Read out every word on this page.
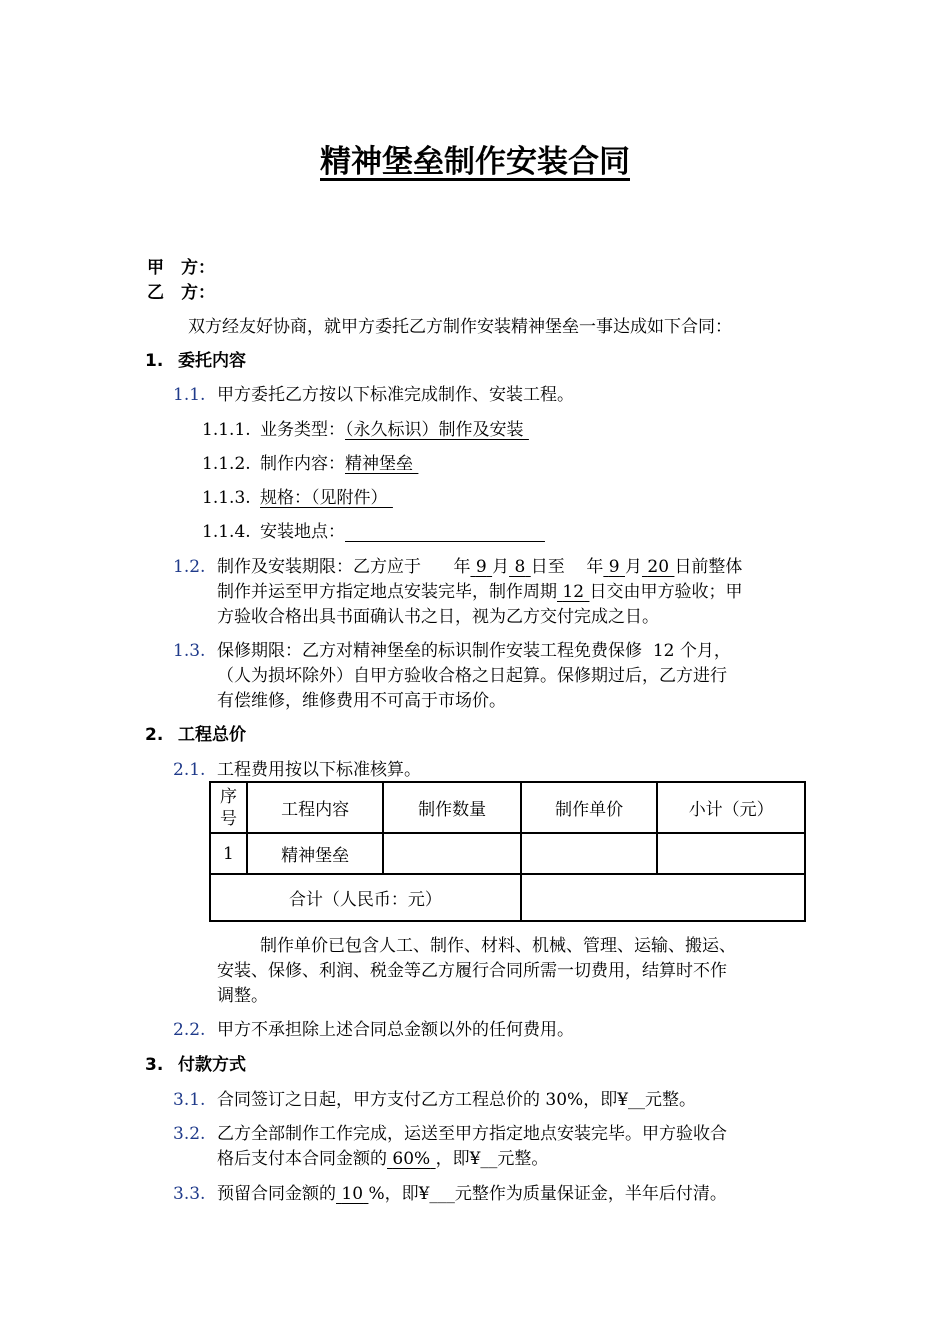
精神堡垒制作安装合同
甲　方：
乙　方：
双方经友好协商，就甲方委托乙方制作安装精神堡垒一事达成如下合同：
1. 委托内容
1.1. 甲方委托乙方按以下标准完成制作、安装工程。
1.1.1. 业务类型：（永久标识）制作及安装
1.1.2. 制作内容：精神堡垒
1.1.3. 规格：（见附件）
1.1.4. 安装地点：
1.2. 制作及安装期限：乙方应于 年 9 月 8 日至 年 9 月 20 日前整体
制作并运至甲方指定地点安装完毕，制作周期 12 日交由甲方验收；甲
方验收合格出具书面确认书之日，视为乙方交付完成之日。
1.3. 保修期限：乙方对精神堡垒的标识制作安装工程免费保修 12 个月，
（人为损坏除外）自甲方验收合格之日起算。保修期过后，乙方进行
有偿维修，维修费用不可高于市场价。
2. 工程总价
2.1. 工程费用按以下标准核算。
序号	工程内容	制作数量	制作单价	小计（元）
1	精神堡垒			
合计（人民币：元）				
制作单价已包含人工、制作、材料、机械、管理、运输、搬运、
安装、保修、利润、税金等乙方履行合同所需一切费用，结算时不作
调整。
2.2. 甲方不承担除上述合同总金额以外的任何费用。
3. 付款方式
3.1. 合同签订之日起，甲方支付乙方工程总价的 30%，即¥__元整。
3.2. 乙方全部制作工作完成，运送至甲方指定地点安装完毕。甲方验收合
格后支付本合同金额的 60% ，即¥__元整。
3.3. 预留合同金额的 10 %，即¥___元整作为质量保证金，半年后付清。
